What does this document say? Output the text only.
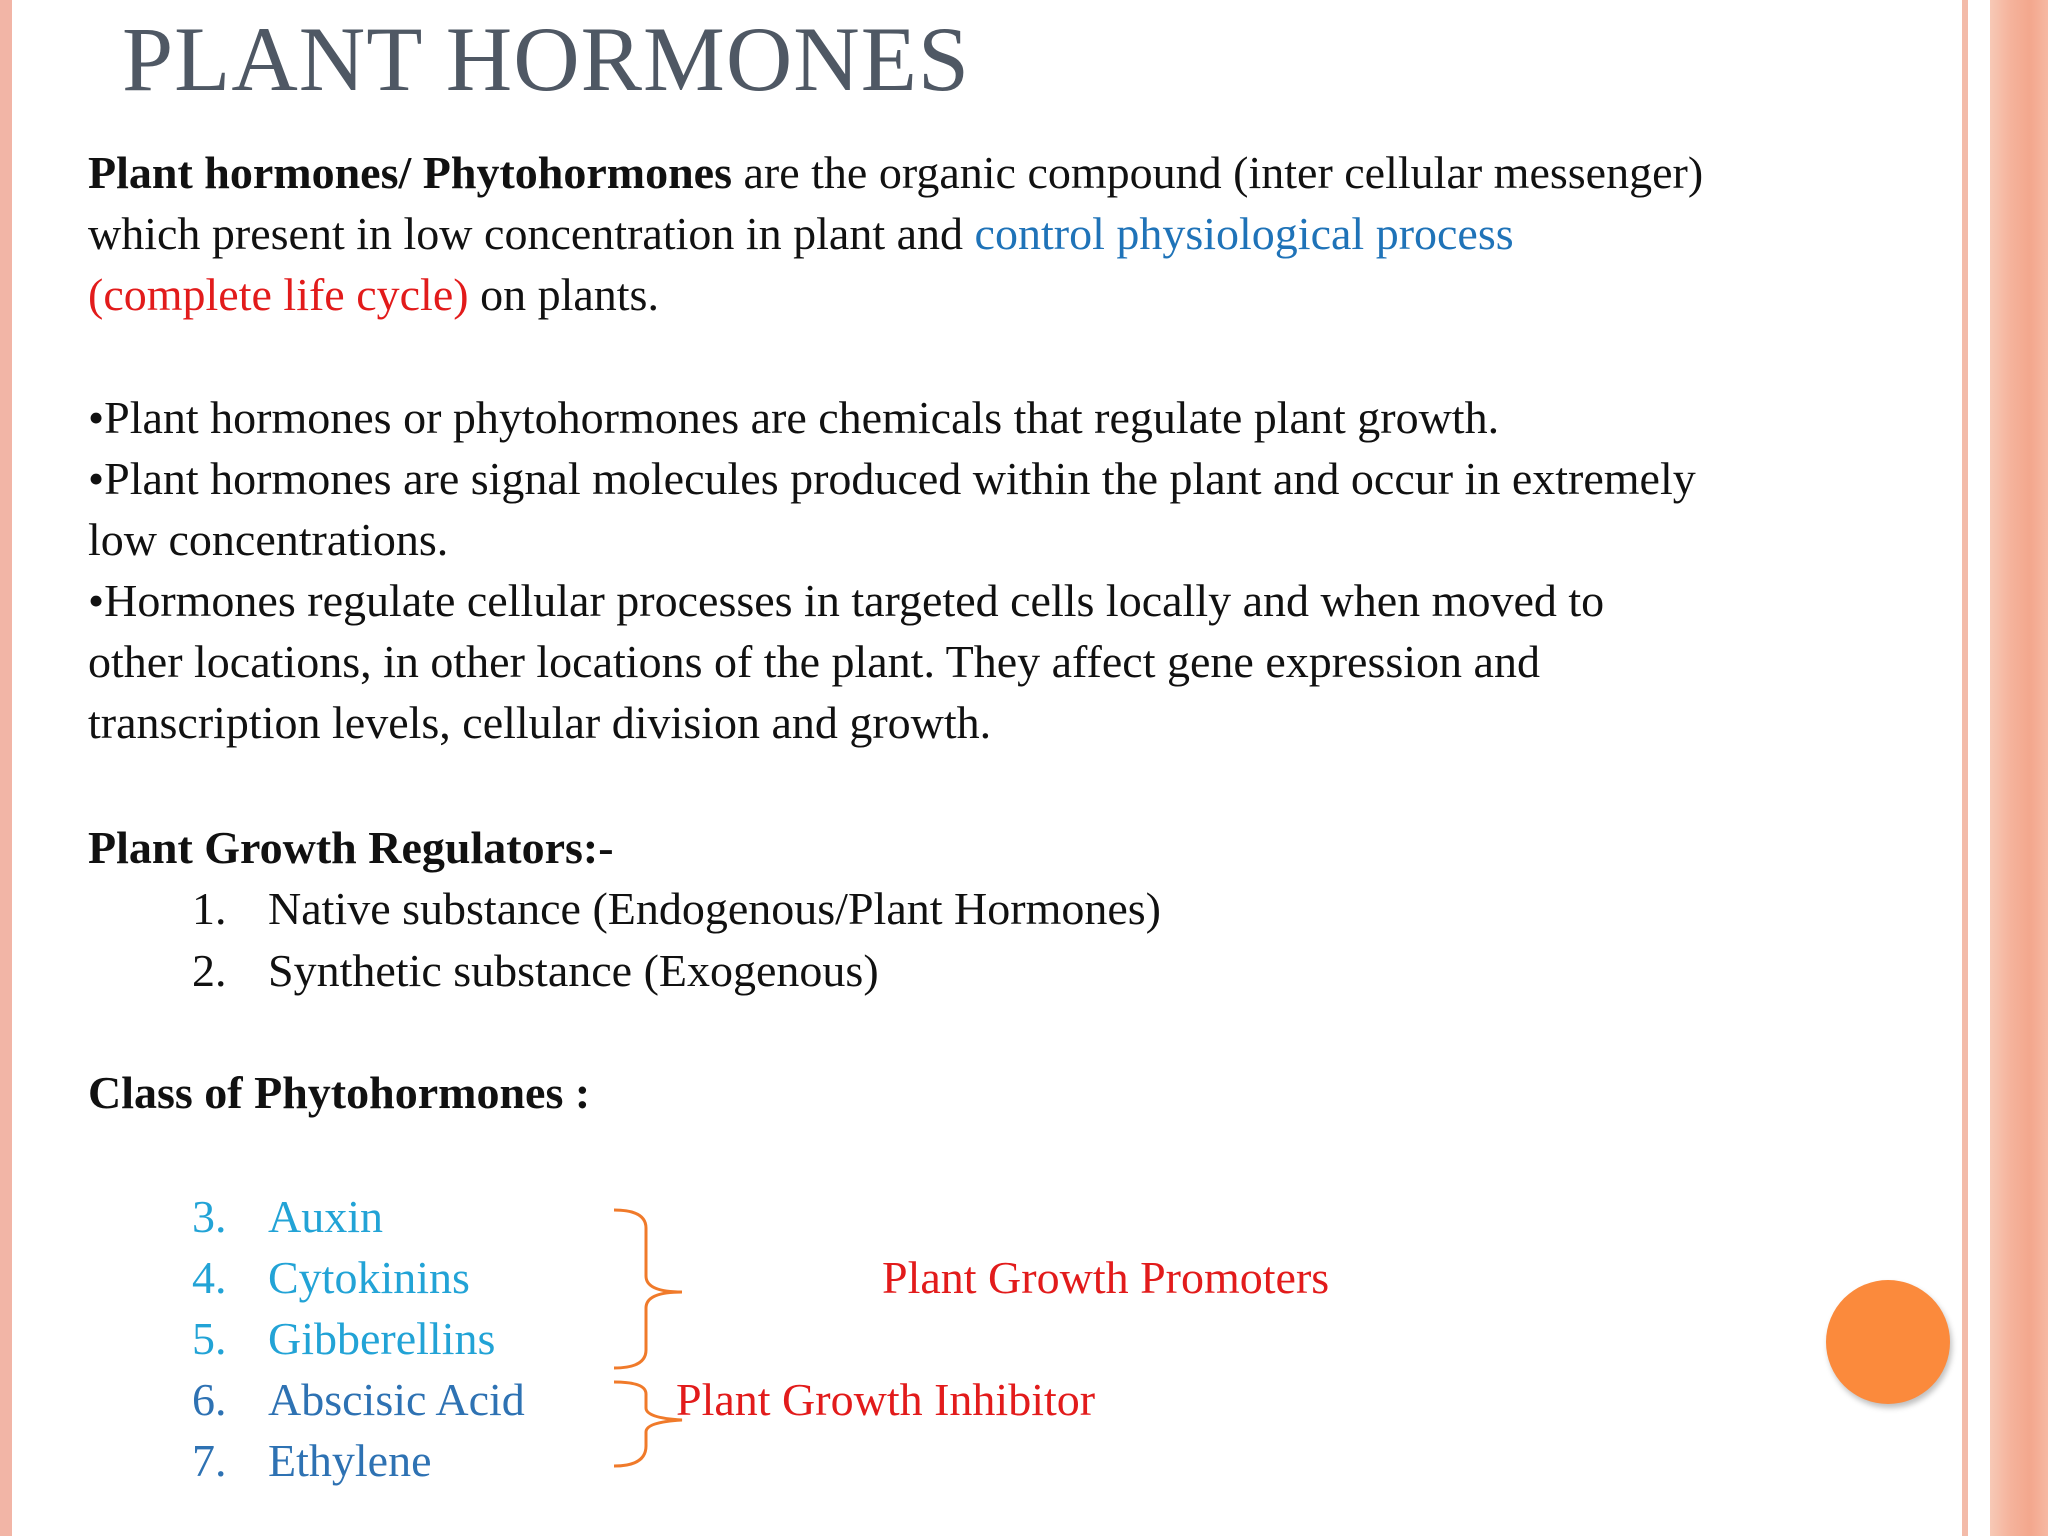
PLANT HORMONES
Plant hormones/ Phytohormones are the organic compound (inter cellular messenger)
which present in low concentration in plant and control physiological process
(complete life cycle) on plants.
•Plant hormones or phytohormones are chemicals that regulate plant growth.
•Plant hormones are signal molecules produced within the plant and occur in extremely
low concentrations.
•Hormones regulate cellular processes in targeted cells locally and when moved to
other locations, in other locations of the plant. They affect gene expression and
transcription levels, cellular division and growth.
Plant Growth Regulators:-
1. Native substance (Endogenous/Plant Hormones)
2. Synthetic substance (Exogenous)
Class of Phytohormones :
3. Auxin
4. Cytokinins
5. Gibberellins
6. Abscisic Acid
7. Ethylene
Plant Growth Promoters
Plant Growth Inhibitor
